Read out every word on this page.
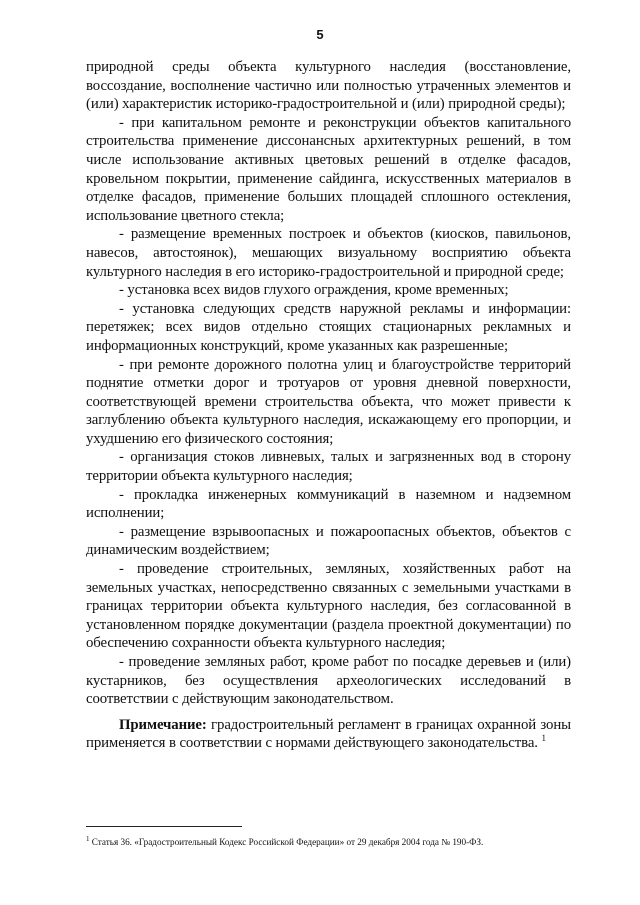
5

природной среды объекта культурного наследия (восстановление, воссоздание, восполнение частично или полностью утраченных элементов и (или) характеристик историко-градостроительной и (или) природной среды);

- при капитальном ремонте и реконструкции объектов капитального строительства применение диссонансных архитектурных решений, в том числе использование активных цветовых решений в отделке фасадов, кровельном покрытии, применение сайдинга, искусственных материалов в отделке фасадов, применение больших площадей сплошного остекления, использование цветного стекла;

- размещение временных построек и объектов (киосков, павильонов, навесов, автостоянок), мешающих визуальному восприятию объекта культурного наследия в его историко-градостроительной и природной среде;

- установка всех видов глухого ограждения, кроме временных;

- установка следующих средств наружной рекламы и информации: перетяжек; всех видов отдельно стоящих стационарных рекламных и информационных конструкций, кроме указанных как разрешенные;

- при ремонте дорожного полотна улиц и благоустройстве территорий поднятие отметки дорог и тротуаров от уровня дневной поверхности, соответствующей времени строительства объекта, что может привести к заглублению объекта культурного наследия, искажающему его пропорции, и ухудшению его физического состояния;

- организация стоков ливневых, талых и загрязненных вод в сторону территории объекта культурного наследия;

- прокладка инженерных коммуникаций в наземном и надземном исполнении;

- размещение взрывоопасных и пожароопасных объектов, объектов с динамическим воздействием;

- проведение строительных, земляных, хозяйственных работ на земельных участках, непосредственно связанных с земельными участками в границах территории объекта культурного наследия, без согласованной в установленном порядке документации (раздела проектной документации) по обеспечению сохранности объекта культурного наследия;

- проведение земляных работ, кроме работ по посадке деревьев и (или) кустарников, без осуществления археологических исследований в соответствии с действующим законодательством.

Примечание: градостроительный регламент в границах охранной зоны применяется в соответствии с нормами действующего законодательства. $^1$

$^1$ Статья 36. «Градостроительный Кодекс Российской Федерации» от 29 декабря 2004 года № 190-ФЗ.
